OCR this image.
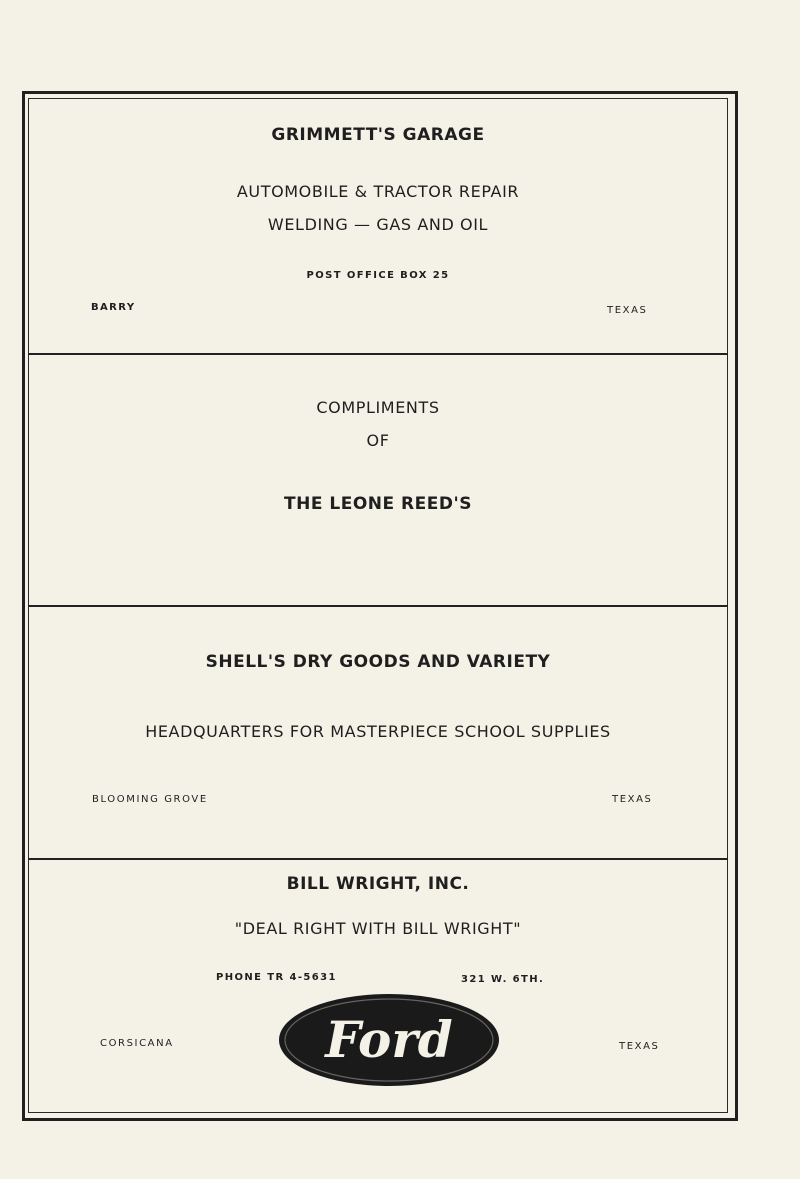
GRIMMETT'S GARAGE

AUTOMOBILE & TRACTOR REPAIR

WELDING — GAS AND OIL

POST OFFICE BOX 25

BARRY	TEXAS

COMPLIMENTS

OF

THE LEONE REED'S

SHELL'S DRY GOODS AND VARIETY

HEADQUARTERS FOR MASTERPIECE SCHOOL SUPPLIES

BLOOMING GROVE	TEXAS

BILL WRIGHT, INC.

"DEAL RIGHT WITH BILL WRIGHT"

PHONE TR 4-5631	321 W. 6TH.

CORSICANA	TEXAS

Ford
